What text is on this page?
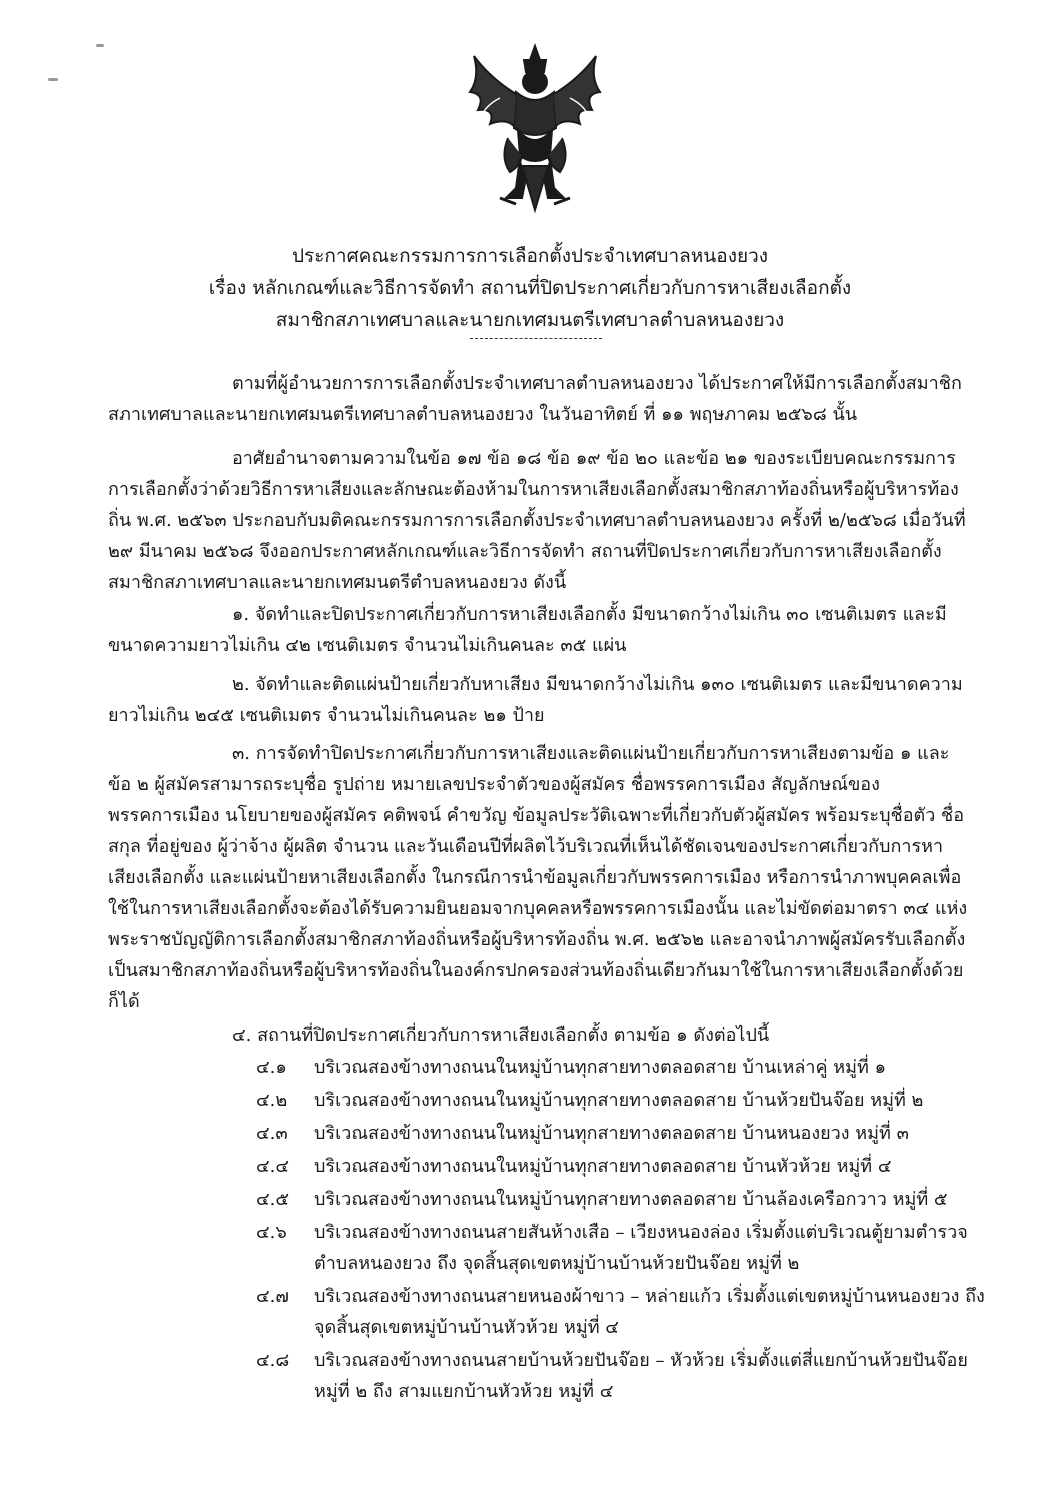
ประกาศคณะกรรมการการเลือกตั้งประจำเทศบาลหนองยวง
เรื่อง หลักเกณฑ์และวิธีการจัดทำ สถานที่ปิดประกาศเกี่ยวกับการหาเสียงเลือกตั้ง
สมาชิกสภาเทศบาลและนายกเทศมนตรีเทศบาลตำบลหนองยวง
ตามที่ผู้อำนวยการการเลือกตั้งประจำเทศบาลตำบลหนองยวง ได้ประกาศให้มีการเลือกตั้งสมาชิกสภาเทศบาลและนายกเทศมนตรีเทศบาลตำบลหนองยวง ในวันอาทิตย์ ที่ ๑๑ พฤษภาคม ๒๕๖๘ นั้น
อาศัยอำนาจตามความในข้อ ๑๗ ข้อ ๑๘ ข้อ ๑๙ ข้อ ๒๐ และข้อ ๒๑ ของระเบียบคณะกรรมการการเลือกตั้งว่าด้วยวิธีการหาเสียงและลักษณะต้องห้ามในการหาเสียงเลือกตั้งสมาชิกสภาท้องถิ่นหรือผู้บริหารท้องถิ่น พ.ศ. ๒๕๖๓ ประกอบกับมติคณะกรรมการการเลือกตั้งประจำเทศบาลตำบลหนองยวง ครั้งที่ ๒/๒๕๖๘ เมื่อวันที่ ๒๙ มีนาคม ๒๕๖๘ จึงออกประกาศหลักเกณฑ์และวิธีการจัดทำ สถานที่ปิดประกาศเกี่ยวกับการหาเสียงเลือกตั้งสมาชิกสภาเทศบาลและนายกเทศมนตรีตำบลหนองยวง ดังนี้
๑. จัดทำและปิดประกาศเกี่ยวกับการหาเสียงเลือกตั้ง มีขนาดกว้างไม่เกิน ๓๐ เซนติเมตร และมีขนาดความยาวไม่เกิน ๔๒ เซนติเมตร จำนวนไม่เกินคนละ ๓๕ แผ่น
๒. จัดทำและติดแผ่นป้ายเกี่ยวกับหาเสียง มีขนาดกว้างไม่เกิน ๑๓๐ เซนติเมตร และมีขนาดความยาวไม่เกิน ๒๔๕ เซนติเมตร จำนวนไม่เกินคนละ ๒๑ ป้าย
๓. การจัดทำปิดประกาศเกี่ยวกับการหาเสียงและติดแผ่นป้ายเกี่ยวกับการหาเสียงตามข้อ ๑ และข้อ ๒ ผู้สมัครสามารถระบุชื่อ รูปถ่าย หมายเลขประจำตัวของผู้สมัคร ชื่อพรรคการเมือง สัญลักษณ์ของพรรคการเมือง นโยบายของผู้สมัคร คติพจน์ คำขวัญ ข้อมูลประวัติเฉพาะที่เกี่ยวกับตัวผู้สมัคร พร้อมระบุชื่อตัว ชื่อสกุล ที่อยู่ของ ผู้ว่าจ้าง ผู้ผลิต จำนวน และวันเดือนปีที่ผลิตไว้บริเวณที่เห็นได้ชัดเจนของประกาศเกี่ยวกับการหาเสียงเลือกตั้ง และแผ่นป้ายหาเสียงเลือกตั้ง ในกรณีการนำข้อมูลเกี่ยวกับพรรคการเมือง หรือการนำภาพบุคคลเพื่อใช้ในการหาเสียงเลือกตั้งจะต้องได้รับความยินยอมจากบุคคลหรือพรรคการเมืองนั้น และไม่ขัดต่อมาตรา ๓๔ แห่งพระราชบัญญัติการเลือกตั้งสมาชิกสภาท้องถิ่นหรือผู้บริหารท้องถิ่น พ.ศ. ๒๕๖๒ และอาจนำภาพผู้สมัครรับเลือกตั้งเป็นสมาชิกสภาท้องถิ่นหรือผู้บริหารท้องถิ่นในองค์กรปกครองส่วนท้องถิ่นเดียวกันมาใช้ในการหาเสียงเลือกตั้งด้วยก็ได้
๔. สถานที่ปิดประกาศเกี่ยวกับการหาเสียงเลือกตั้ง ตามข้อ ๑ ดังต่อไปนี้
๔.๑ บริเวณสองข้างทางถนนในหมู่บ้านทุกสายทางตลอดสาย บ้านเหล่าคู่ หมู่ที่ ๑
๔.๒ บริเวณสองข้างทางถนนในหมู่บ้านทุกสายทางตลอดสาย บ้านห้วยปันจ๊อย หมู่ที่ ๒
๔.๓ บริเวณสองข้างทางถนนในหมู่บ้านทุกสายทางตลอดสาย บ้านหนองยวง หมู่ที่ ๓
๔.๔ บริเวณสองข้างทางถนนในหมู่บ้านทุกสายทางตลอดสาย บ้านหัวห้วย หมู่ที่ ๔
๔.๕ บริเวณสองข้างทางถนนในหมู่บ้านทุกสายทางตลอดสาย บ้านล้องเครือกวาว หมู่ที่ ๕
๔.๖ บริเวณสองข้างทางถนนสายสันห้างเสือ – เวียงหนองล่อง เริ่มตั้งแต่บริเวณตู้ยามตำรวจ
ตำบลหนองยวง ถึง จุดสิ้นสุดเขตหมู่บ้านบ้านห้วยปันจ๊อย หมู่ที่ ๒
๔.๗ บริเวณสองข้างทางถนนสายหนองผ้าขาว – หล่ายแก้ว เริ่มตั้งแต่เขตหมู่บ้านหนองยวง ถึง
จุดสิ้นสุดเขตหมู่บ้านบ้านหัวห้วย หมู่ที่ ๔
๔.๘ บริเวณสองข้างทางถนนสายบ้านห้วยปันจ๊อย – หัวห้วย เริ่มตั้งแต่สี่แยกบ้านห้วยปันจ๊อย
หมู่ที่ ๒ ถึง สามแยกบ้านหัวห้วย หมู่ที่ ๔
